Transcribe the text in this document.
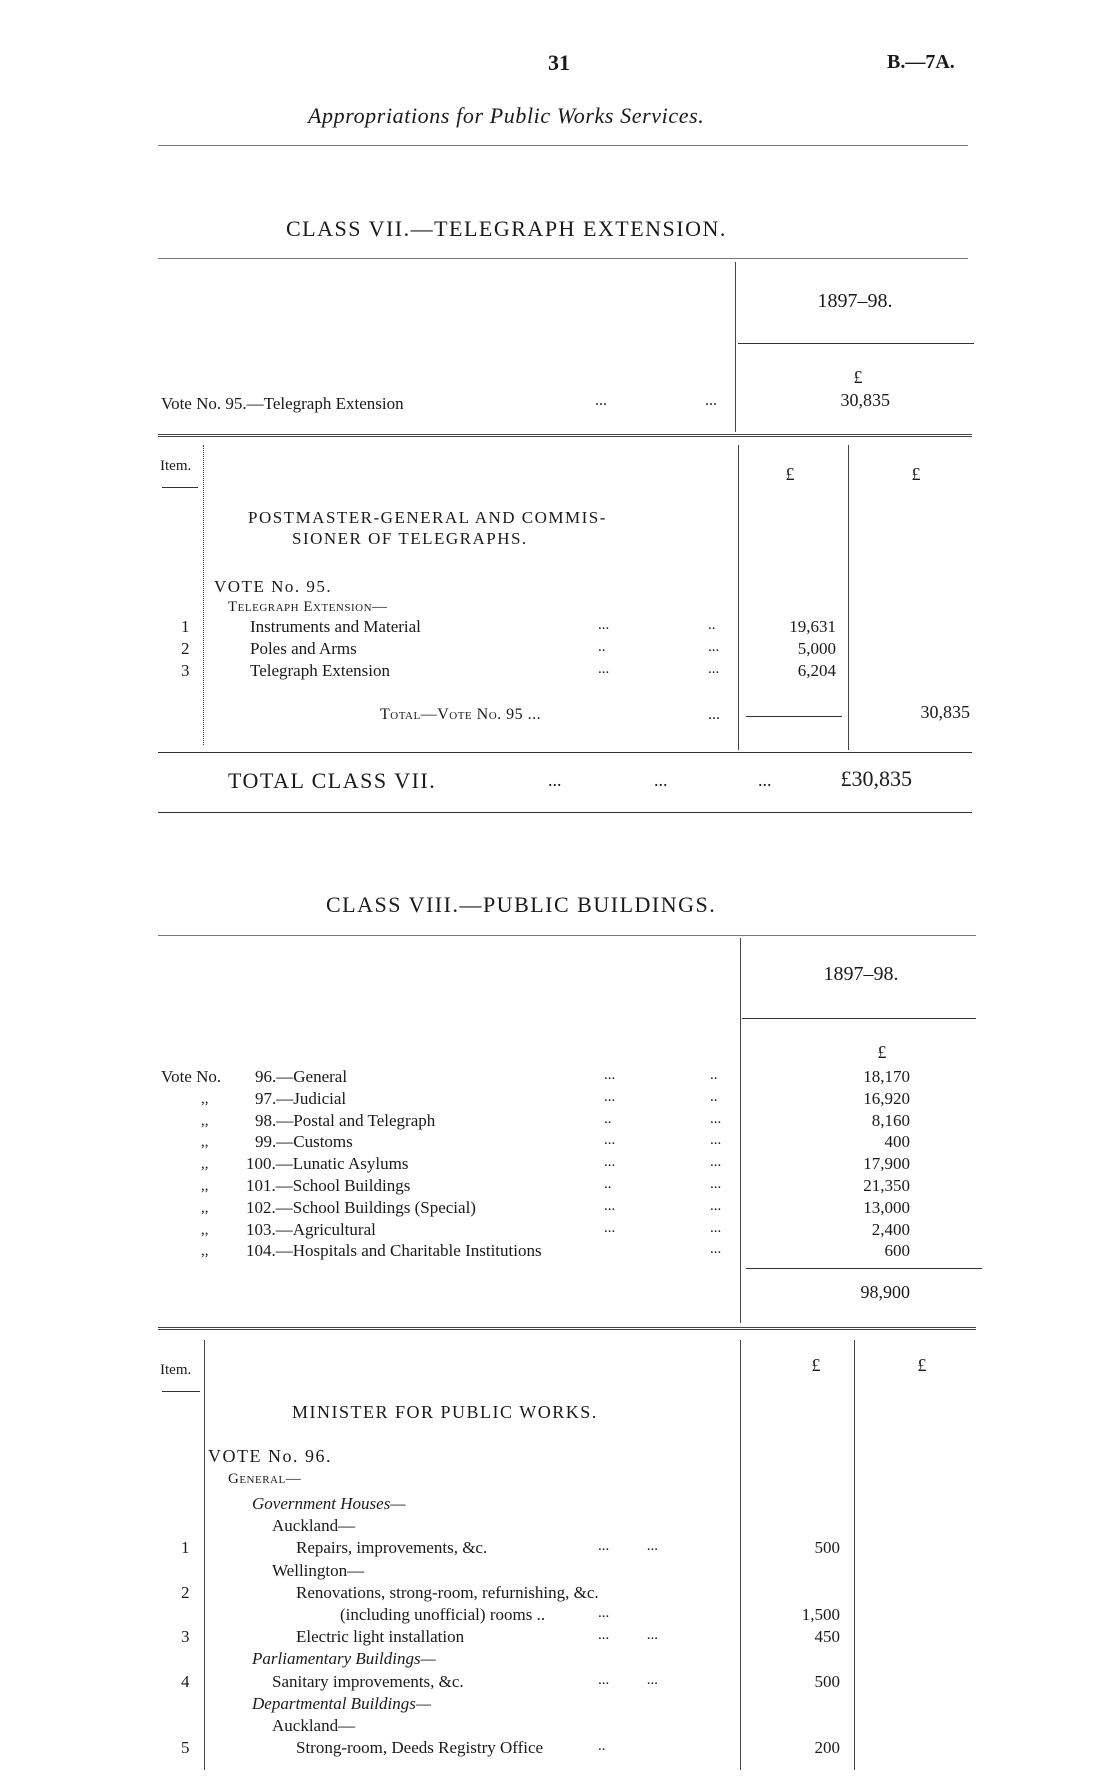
31	B.—7A.
Appropriations for Public Works Services.
CLASS VII.—TELEGRAPH EXTENSION.
1897–98.
£
Vote No. 95.—Telegraph Extension	...	...	30,835
Item.	£	£
POSTMASTER-GENERAL AND COMMIS-
SIONER OF TELEGRAPHS.
VOTE No. 95.
Telegraph Extension—
1	Instruments and Material	...	..	19,631
2	Poles and Arms	..	...	5,000
3	Telegraph Extension	...	...	6,204
Total—Vote No. 95 ...	...	30,835
TOTAL CLASS VII.	...	...	...	£30,835
CLASS VIII.—PUBLIC BUILDINGS.
1897–98.
£
Vote No. 96.—General	...	..	18,170
,,	97.—Judicial	...	..	16,920
,,	98.—Postal and Telegraph	..	...	8,160
,,	99.—Customs	...	...	400
,, 100.—Lunatic Asylums	...	...	17,900
,, 101.—School Buildings	..	...	21,350
,, 102.—School Buildings (Special)	...	...	13,000
,, 103.—Agricultural	...	...	2,400
,, 104.—Hospitals and Charitable Institutions	...	600
98,900
Item.	£	£
MINISTER FOR PUBLIC WORKS.
VOTE No. 96.
General—
Government Houses—
Auckland—
1	Repairs, improvements, &c.	...          ...	500
Wellington—
2	Renovations, strong-room, refurnishing, &c.
(including unofficial) rooms ..	...	1,500
3	Electric light installation	...          ...	450
Parliamentary Buildings—
4	Sanitary improvements, &c.	...          ...	500
Departmental Buildings—
Auckland—
5	Strong-room, Deeds Registry Office	..	200
